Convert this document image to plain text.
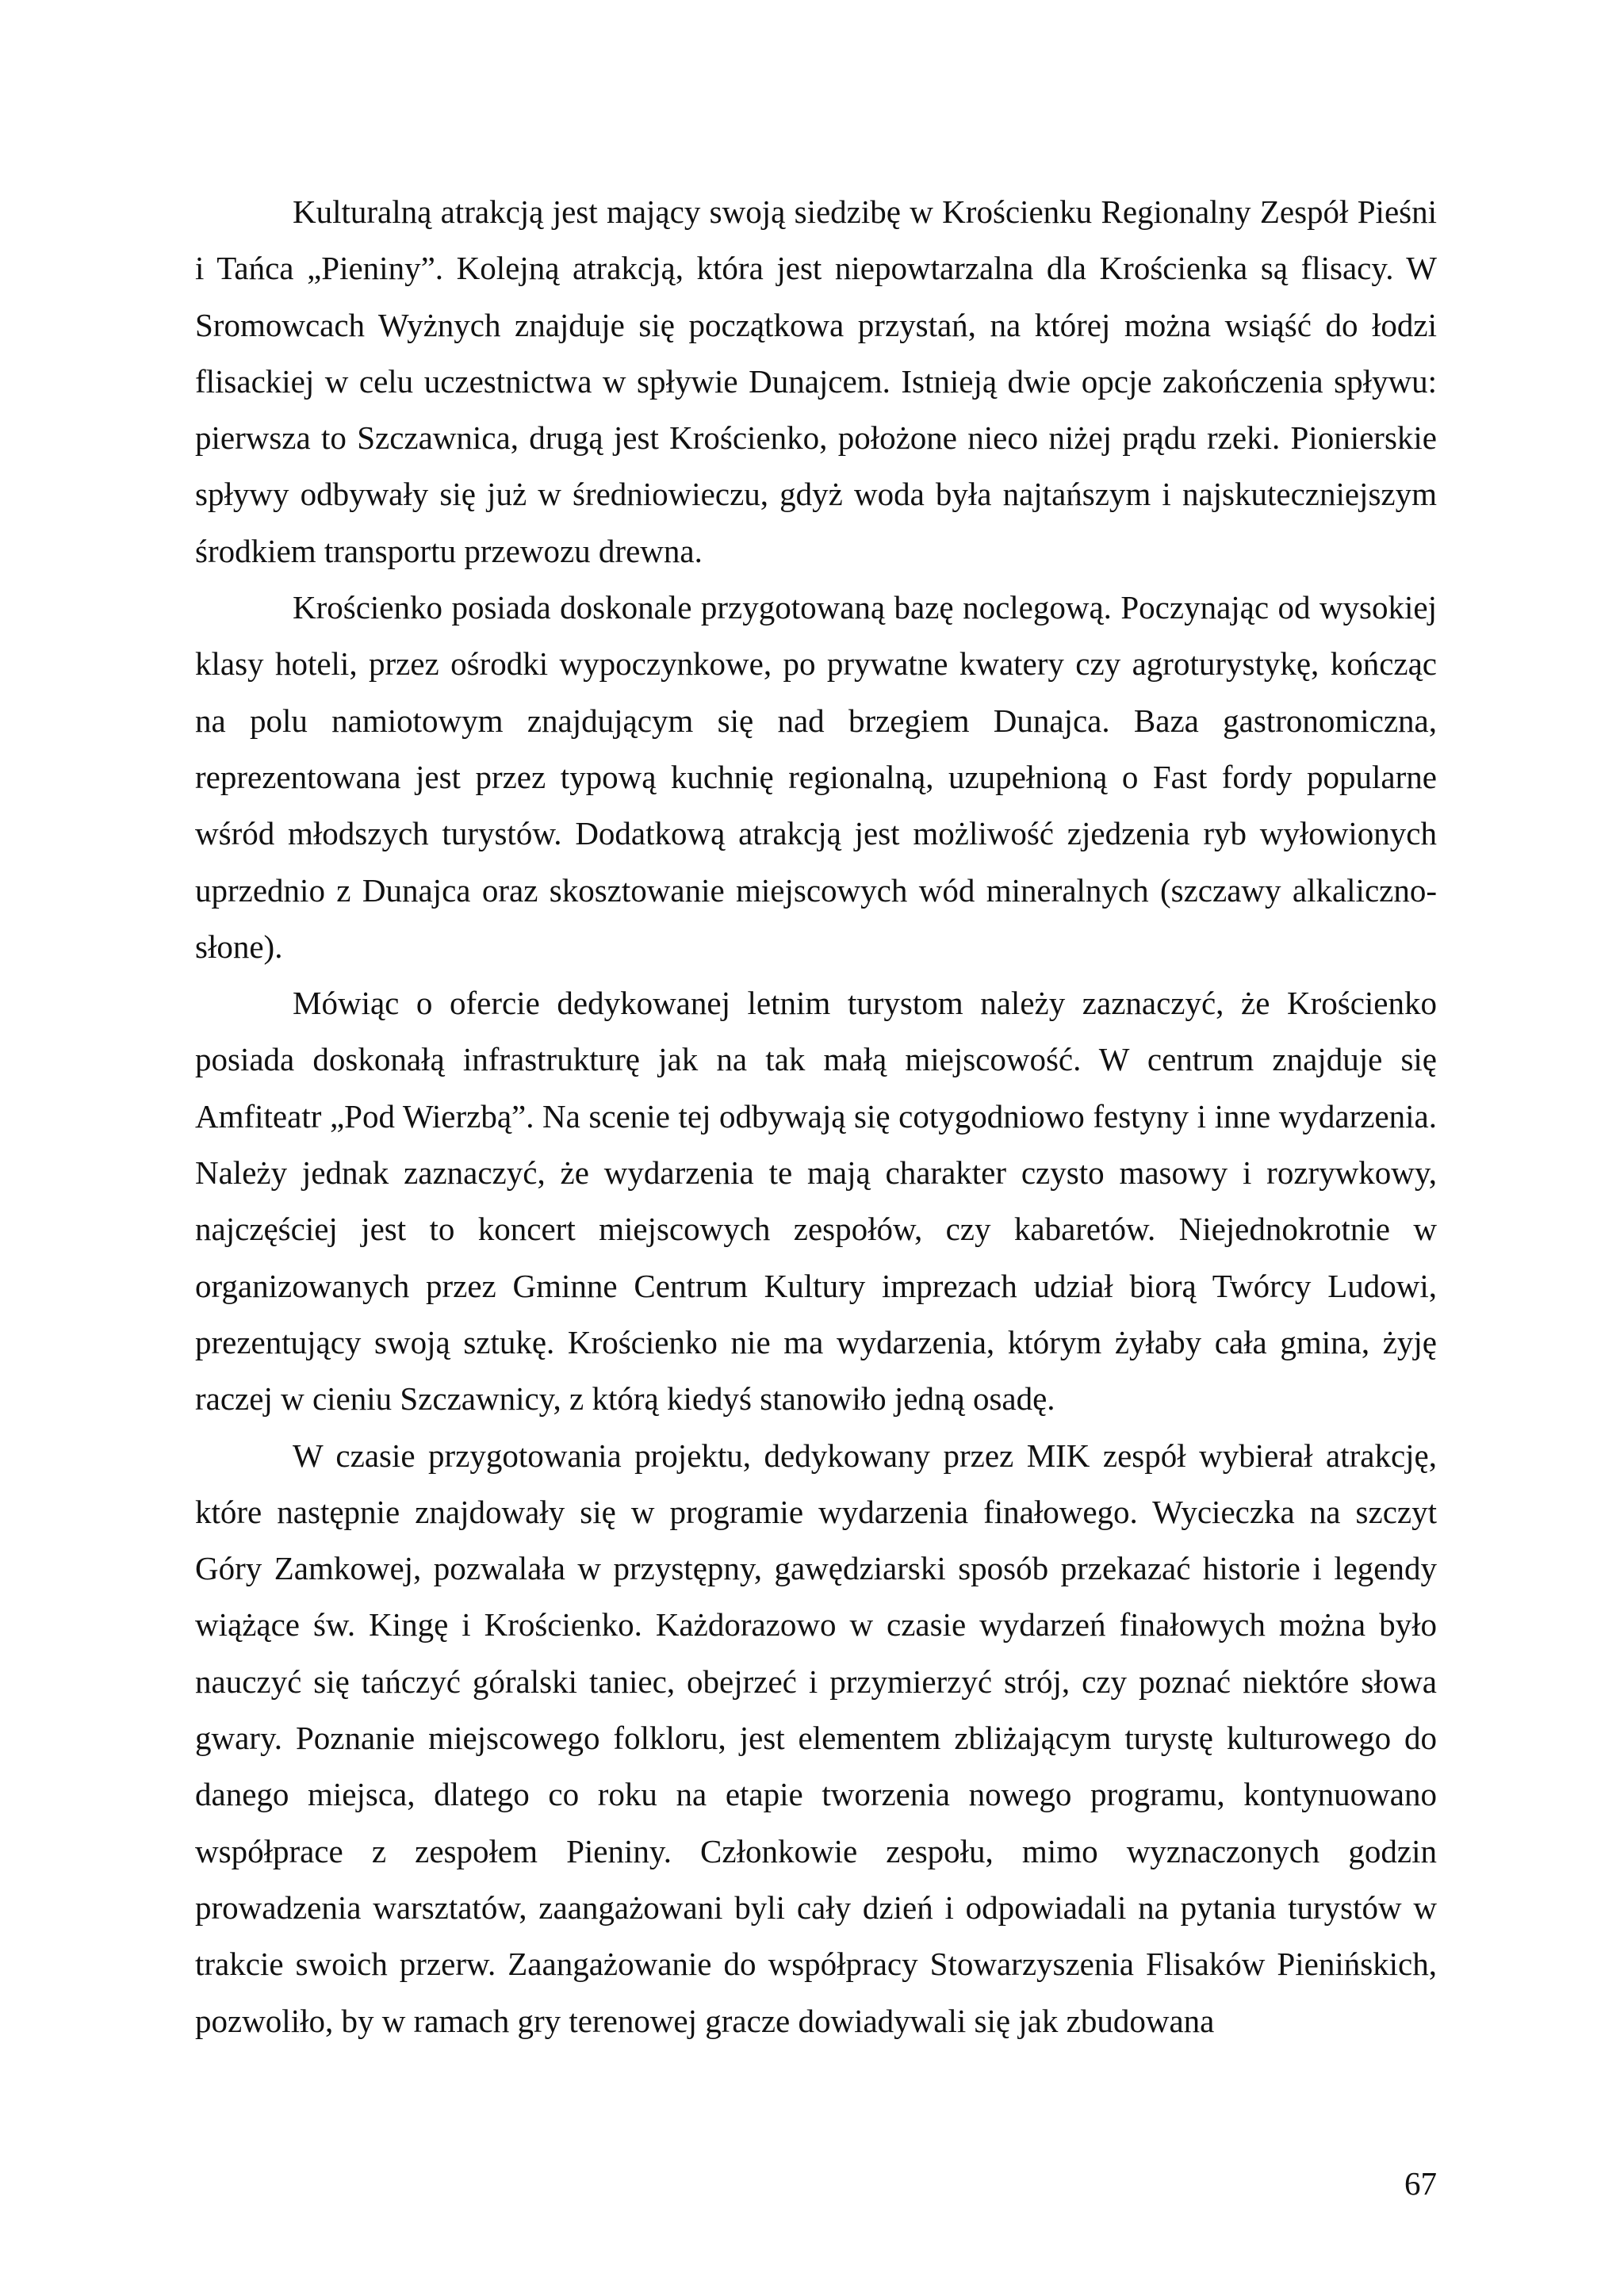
Kulturalną atrakcją jest mający swoją siedzibę w Krościenku Regionalny Zespół Pieśni i Tańca „Pieniny”. Kolejną atrakcją, która jest niepowtarzalna dla Krościenka są flisacy. W Sromowcach Wyżnych znajduje się początkowa przystań, na której można wsiąść do łodzi flisackiej w celu uczestnictwa w spływie Dunajcem. Istnieją dwie opcje zakończenia spływu: pierwsza to Szczawnica, drugą jest Krościenko, położone nieco niżej prądu rzeki. Pionierskie spływy odbywały się już w średniowieczu, gdyż woda była najtańszym i najskuteczniejszym środkiem transportu przewozu drewna.

Krościenko posiada doskonale przygotowaną bazę noclegową. Poczynając od wysokiej klasy hoteli, przez ośrodki wypoczynkowe, po prywatne kwatery czy agroturystykę, kończąc na polu namiotowym znajdującym się nad brzegiem Dunajca. Baza gastronomiczna, reprezentowana jest przez typową kuchnię regionalną, uzupełnioną o Fast fordy popularne wśród młodszych turystów. Dodatkową atrakcją jest możliwość zjedzenia ryb wyłowionych uprzednio z Dunajca oraz skosztowanie miejscowych wód mineralnych (szczawy alkaliczno-słone).

Mówiąc o ofercie dedykowanej letnim turystom należy zaznaczyć, że Krościenko posiada doskonałą infrastrukturę jak na tak małą miejscowość. W centrum znajduje się Amfiteatr „Pod Wierzbą”. Na scenie tej odbywają się cotygodniowo festyny i inne wydarzenia. Należy jednak zaznaczyć, że wydarzenia te mają charakter czysto masowy i rozrywkowy, najczęściej jest to koncert miejscowych zespołów, czy kabaretów. Niejednokrotnie w organizowanych przez Gminne Centrum Kultury imprezach udział biorą Twórcy Ludowi, prezentujący swoją sztukę. Krościenko nie ma wydarzenia, którym żyłaby cała gmina, żyję raczej w cieniu Szczawnicy, z którą kiedyś stanowiło jedną osadę.

W czasie przygotowania projektu, dedykowany przez MIK zespół wybierał atrakcję, które następnie znajdowały się w programie wydarzenia finałowego. Wycieczka na szczyt Góry Zamkowej, pozwalała w przystępny, gawędziarski sposób przekazać historie i legendy wiążące św. Kingę i Krościenko. Każdorazowo w czasie wydarzeń finałowych można było nauczyć się tańczyć góralski taniec, obejrzeć i przymierzyć strój, czy poznać niektóre słowa gwary. Poznanie miejscowego folkloru, jest elementem zbliżającym turystę kulturowego do danego miejsca, dlatego co roku na etapie tworzenia nowego programu, kontynuowano współprace z zespołem Pieniny. Członkowie zespołu, mimo wyznaczonych godzin prowadzenia warsztatów, zaangażowani byli cały dzień i odpowiadali na pytania turystów w trakcie swoich przerw. Zaangażowanie do współpracy Stowarzyszenia Flisaków Pienińskich, pozwoliło, by w ramach gry terenowej gracze dowiadywali się jak zbudowana

67
